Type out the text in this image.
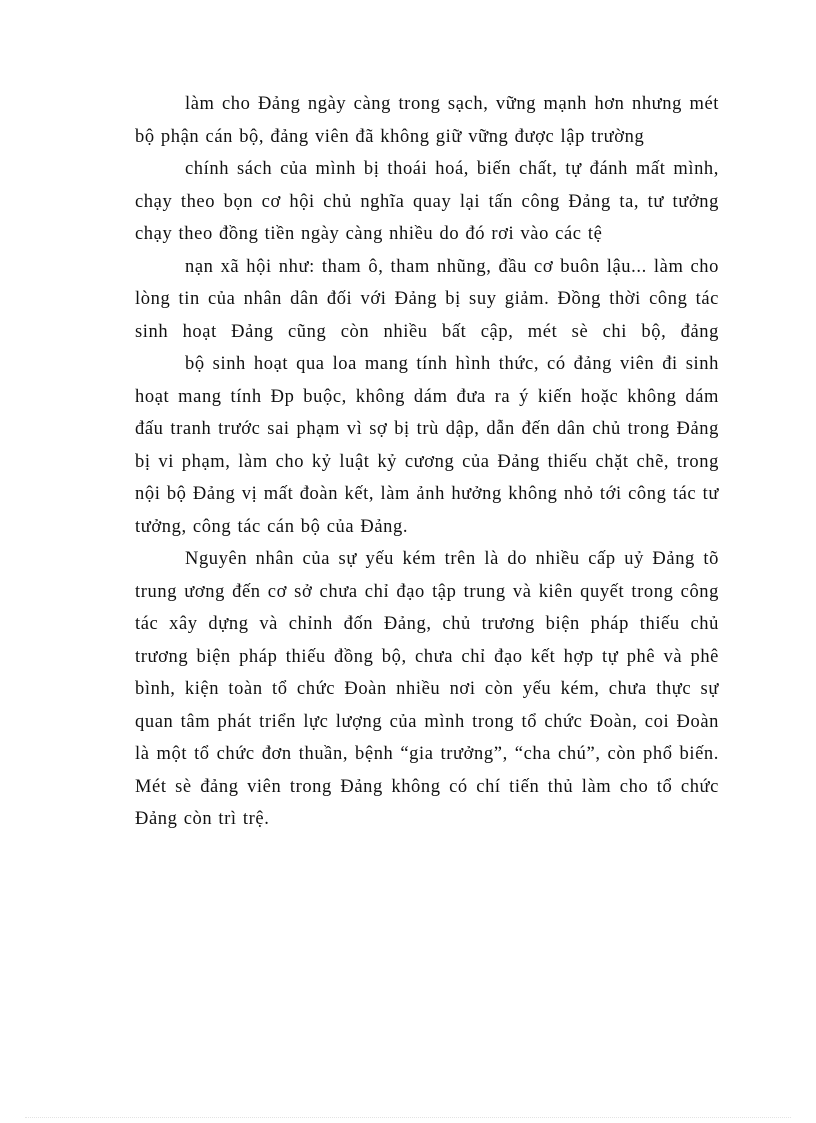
làm cho Đảng ngày càng trong sạch, vững mạnh hơn nhưng mét bộ phận cán bộ, đảng viên đã không giữ vững được lập trường

chính sách của mình bị thoái hoá, biến chất, tự đánh mất mình, chạy theo bọn cơ hội chủ nghĩa quay lại tấn công Đảng ta, tư tưởng chạy theo đồng tiền ngày càng nhiều do đó rơi vào các tệ

nạn xã hội như: tham ô, tham nhũng, đầu cơ buôn lậu... làm cho lòng tin của nhân dân đối với Đảng bị suy giảm. Đồng thời công tác sinh hoạt Đảng cũng còn nhiều bất cập, mét sè chi bộ, đảng

bộ sinh hoạt qua loa mang tính hình thức, có đảng viên đi sinh hoạt mang tính Đp buộc, không dám đưa ra ý kiến hoặc không dám đấu tranh trước sai phạm vì sợ bị trù dập, dẫn đến dân chủ trong Đảng bị vi phạm, làm cho kỷ luật kỷ cương của Đảng thiếu chặt chẽ, trong nội bộ Đảng vị mất đoàn kết, làm ảnh hưởng không nhỏ tới công tác tư tưởng, công tác cán bộ của Đảng.

Nguyên nhân của sự yếu kém trên là do nhiều cấp uỷ Đảng tõ trung ương đến cơ sở chưa chỉ đạo tập trung và kiên quyết trong công tác xây dựng và chỉnh đốn Đảng, chủ trương biện pháp thiếu chủ trương biện pháp thiếu đồng bộ, chưa chỉ đạo kết hợp tự phê và phê bình, kiện toàn tổ chức Đoàn nhiều nơi còn yếu kém, chưa thực sự quan tâm phát triển lực lượng của mình trong tổ chức Đoàn, coi Đoàn là một tổ chức đơn thuần, bệnh “gia trưởng”, “cha chú”, còn phổ biến. Mét sè đảng viên trong Đảng không có chí tiến thủ làm cho tổ chức Đảng còn trì trệ.
